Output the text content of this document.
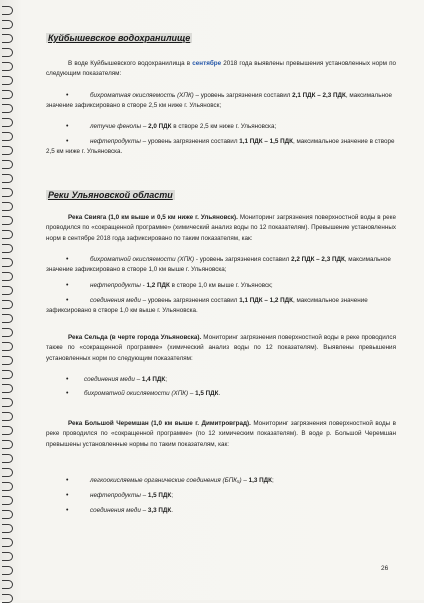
Куйбышевское водохранилище

В воде Куйбышевского водохранилища в сентябре 2018 года выявлены превышения установленных норм по следующим показателям:

•	бихроматная окисляемость (ХПК) – уровень загрязнения составил 2,1 ПДК – 2,3 ПДК, максимальное значение зафиксировано в створе 2,5 км ниже г. Ульяновск;

•	летучие фенолы – 2,0 ПДК в створе 2,5 км ниже г. Ульяновска;

•	нефтепродукты – уровень загрязнения составил 1,1 ПДК – 1,5 ПДК, максимальное значение в створе 2,5 км ниже г. Ульяновска.

Реки Ульяновской области

Река Свияга (1,0 км выше и 0,5 км ниже г. Ульяновск). Мониторинг загрязнения поверхностной воды в реке проводился по «сокращенной программе» (химический анализ воды по 12 показателям). Превышение установленных норм в сентябре 2018 года зафиксировано по таким показателям, как:

•	бихроматной окисляемости (ХПК) - уровень загрязнения составил 2,2 ПДК – 2,3 ПДК, максимальное значение зафиксировано в створе 1,0 км выше г. Ульяновска;

•	нефтепродукты - 1,2 ПДК в створе 1,0 км выше г. Ульяновск;

•	соединения меди – уровень загрязнения составил 1,1 ПДК – 1,2 ПДК, максимальное значение зафиксировано в створе 1,0 км выше г. Ульяновска.

Река Сельда (в черте города Ульяновска). Мониторинг загрязнения поверхностной воды в реке проводился также по «сокращенной программе» (химический анализ воды по 12 показателям). Выявлены превышения установленных норм по следующим показателям:

• соединения меди – 1,4 ПДК;

• бихроматной окисляемости (ХПК) – 1,5 ПДК.

Река Большой Черемшан (1,0 км выше г. Димитровград). Мониторинг загрязнения поверхностной воды в реке проводился по «сокращенной программе» (по 12 химическим показателям). В воде р. Большой Черемшан превышены установленные нормы по таким показателям, как:

•	легкоокисляемые органические соединения (БПК₅) – 1,3 ПДК;

•	нефтепродукты – 1,5 ПДК;

•	соединения меди – 3,3 ПДК.

26
